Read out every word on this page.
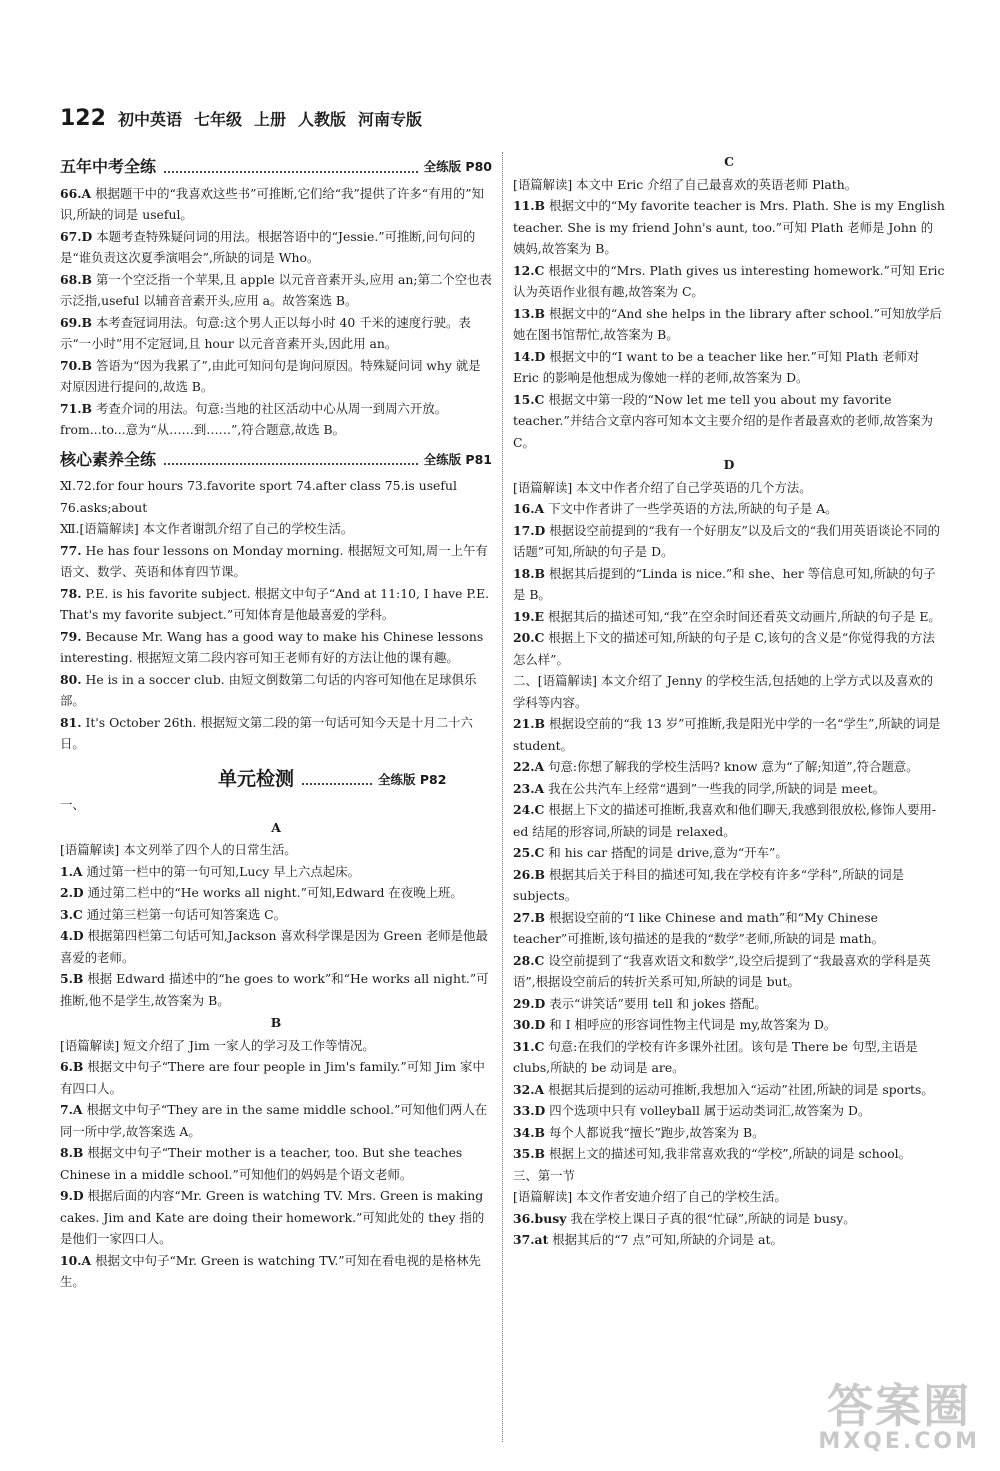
122 初中英语 七年级 上册 人教版 河南专版
五年中考全练	全练版 P80
66.A 根据题干中的“我喜欢这些书”可推断,它们给“我”提供了许多“有用的”知识,所缺的词是 useful。
67.D 本题考查特殊疑问词的用法。根据答语中的“Jessie.”可推断,问句问的是“谁负责这次夏季演唱会”,所缺的词是 Who。
68.B 第一个空泛指一个苹果,且 apple 以元音音素开头,应用 an;第二个空也表示泛指,useful 以辅音音素开头,应用 a。故答案选 B。
69.B 本考查冠词用法。句意:这个男人正以每小时 40 千米的速度行驶。表示“一小时”用不定冠词,且 hour 以元音音素开头,因此用 an。
70.B 答语为“因为我累了”,由此可知问句是询问原因。特殊疑问词 why 就是对原因进行提问的,故选 B。
71.B 考查介词的用法。句意:当地的社区活动中心从周一到周六开放。from...to...意为“从……到……”,符合题意,故选 B。
核心素养全练	全练版 P81
Ⅺ.72.for four hours 73.favorite sport 74.after class 75.is useful
76.asks;about
Ⅻ.[语篇解读] 本文作者谢凯介绍了自己的学校生活。
77. He has four lessons on Monday morning. 根据短文可知,周一上午有语文、数学、英语和体育四节课。
78. P.E. is his favorite subject. 根据文中句子“And at 11:10, I have P.E. That's my favorite subject.”可知体育是他最喜爱的学科。
79. Because Mr. Wang has a good way to make his Chinese lessons interesting. 根据短文第二段内容可知王老师有好的方法让他的课有趣。
80. He is in a soccer club. 由短文倒数第二句话的内容可知他在足球俱乐部。
81. It's October 26th. 根据短文第二段的第一句话可知今天是十月二十六日。
单元检测	全练版 P82
一、
A
[语篇解读] 本文列举了四个人的日常生活。
1.A 通过第一栏中的第一句可知,Lucy 早上六点起床。
2.D 通过第二栏中的“He works all night.”可知,Edward 在夜晚上班。
3.C 通过第三栏第一句话可知答案选 C。
4.D 根据第四栏第二句话可知,Jackson 喜欢科学课是因为 Green 老师是他最喜爱的老师。
5.B 根据 Edward 描述中的“he goes to work”和“He works all night.”可推断,他不是学生,故答案为 B。
B
[语篇解读] 短文介绍了 Jim 一家人的学习及工作等情况。
6.B 根据文中句子“There are four people in Jim's family.”可知 Jim 家中有四口人。
7.A 根据文中句子“They are in the same middle school.”可知他们两人在同一所中学,故答案选 A。
8.B 根据文中句子“Their mother is a teacher, too. But she teaches Chinese in a middle school.”可知他们的妈妈是个语文老师。
9.D 根据后面的内容“Mr. Green is watching TV. Mrs. Green is making cakes. Jim and Kate are doing their homework.”可知此处的 they 指的是他们一家四口人。
10.A 根据文中句子“Mr. Green is watching TV.”可知在看电视的是格林先生。
C
[语篇解读] 本文中 Eric 介绍了自己最喜欢的英语老师 Plath。
11.B 根据文中的“My favorite teacher is Mrs. Plath. She is my English teacher. She is my friend John's aunt, too.”可知 Plath 老师是 John 的姨妈,故答案为 B。
12.C 根据文中的“Mrs. Plath gives us interesting homework.”可知 Eric 认为英语作业很有趣,故答案为 C。
13.B 根据文中的“And she helps in the library after school.”可知放学后她在图书馆帮忙,故答案为 B。
14.D 根据文中的“I want to be a teacher like her.”可知 Plath 老师对 Eric 的影响是他想成为像她一样的老师,故答案为 D。
15.C 根据文中第一段的“Now let me tell you about my favorite teacher.”并结合文章内容可知本文主要介绍的是作者最喜欢的老师,故答案为 C。
D
[语篇解读] 本文中作者介绍了自己学英语的几个方法。
16.A 下文中作者讲了一些学英语的方法,所缺的句子是 A。
17.D 根据设空前提到的“我有一个好朋友”以及后文的“我们用英语谈论不同的话题”可知,所缺的句子是 D。
18.B 根据其后提到的“Linda is nice.”和 she、her 等信息可知,所缺的句子是 B。
19.E 根据其后的描述可知,“我”在空余时间还看英文动画片,所缺的句子是 E。
20.C 根据上下文的描述可知,所缺的句子是 C,该句的含义是“你觉得我的方法怎么样”。
二、[语篇解读] 本文介绍了 Jenny 的学校生活,包括她的上学方式以及喜欢的学科等内容。
21.B 根据设空前的“我 13 岁”可推断,我是阳光中学的一名“学生”,所缺的词是 student。
22.A 句意:你想了解我的学校生活吗? know 意为“了解;知道”,符合题意。
23.A 我在公共汽车上经常“遇到”一些我的同学,所缺的词是 meet。
24.C 根据上下文的描述可推断,我喜欢和他们聊天,我感到很放松,修饰人要用-ed 结尾的形容词,所缺的词是 relaxed。
25.C 和 his car 搭配的词是 drive,意为“开车”。
26.B 根据其后关于科目的描述可知,我在学校有许多“学科”,所缺的词是 subjects。
27.B 根据设空前的“I like Chinese and math”和“My Chinese teacher”可推断,该句描述的是我的“数学”老师,所缺的词是 math。
28.C 设空前提到了“我喜欢语文和数学”,设空后提到了“我最喜欢的学科是英语”,根据设空前后的转折关系可知,所缺的词是 but。
29.D 表示“讲笑话”要用 tell 和 jokes 搭配。
30.D 和 I 相呼应的形容词性物主代词是 my,故答案为 D。
31.C 句意:在我们的学校有许多课外社团。该句是 There be 句型,主语是 clubs,所缺的 be 动词是 are。
32.A 根据其后提到的运动可推断,我想加入“运动”社团,所缺的词是 sports。
33.D 四个选项中只有 volleyball 属于运动类词汇,故答案为 D。
34.B 每个人都说我“擅长”跑步,故答案为 B。
35.B 根据上文的描述可知,我非常喜欢我的“学校”,所缺的词是 school。
三、第一节
[语篇解读] 本文作者安迪介绍了自己的学校生活。
36.busy 我在学校上课日子真的很“忙碌”,所缺的词是 busy。
37.at 根据其后的“7 点”可知,所缺的介词是 at。
答案圈
MXQE.COM
